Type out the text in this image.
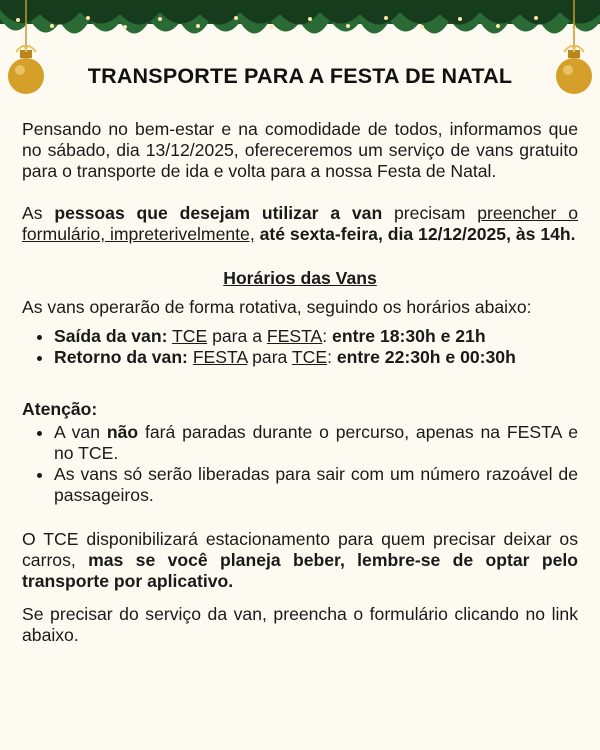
TRANSPORTE PARA A FESTA DE NATAL

Pensando no bem-estar e na comodidade de todos, informamos que no sábado, dia 13/12/2025, ofereceremos um serviço de vans gratuito para o transporte de ida e volta para a nossa Festa de Natal.

As pessoas que desejam utilizar a van precisam preencher o formulário, impreterivelmente, até sexta-feira, dia 12/12/2025, às 14h.

Horários das Vans

As vans operarão de forma rotativa, seguindo os horários abaixo:

• Saída da van: TCE para a FESTA: entre 18:30h e 21h
• Retorno da van: FESTA para TCE: entre 22:30h e 00:30h

Atenção:

• A van não fará paradas durante o percurso, apenas na FESTA e no TCE.
• As vans só serão liberadas para sair com um número razoável de passageiros.

O TCE disponibilizará estacionamento para quem precisar deixar os carros, mas se você planeja beber, lembre-se de optar pelo transporte por aplicativo.

Se precisar do serviço da van, preencha o formulário clicando no link abaixo.
